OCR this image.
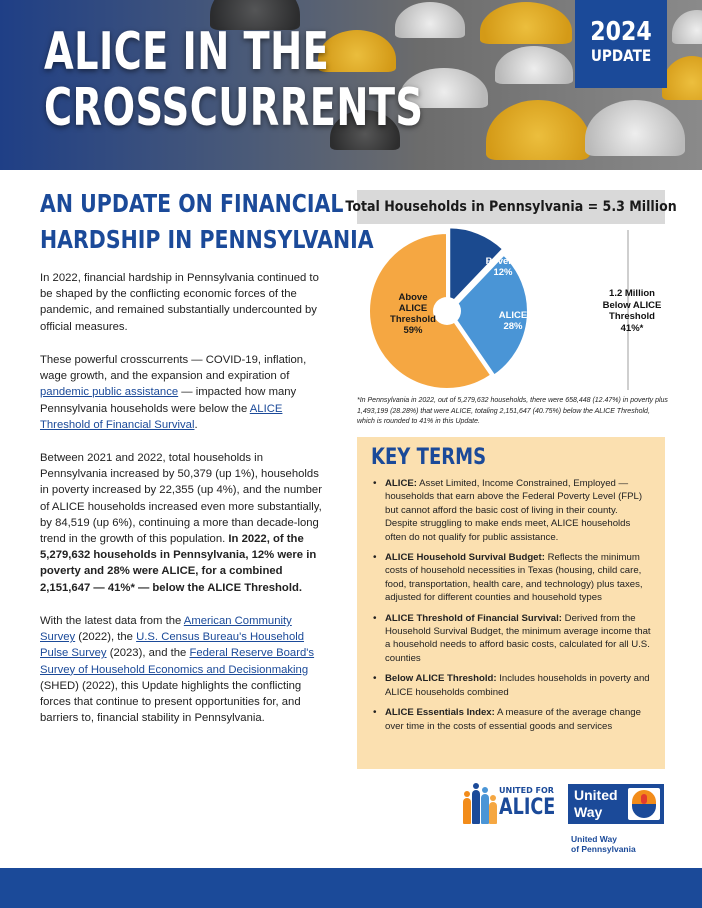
ALICE IN THE
CROSSCURRENTS
2024
UPDATE
AN UPDATE ON FINANCIAL
HARDSHIP IN PENNSYLVANIA

In 2022, financial hardship in Pennsylvania continued to be shaped by the conflicting economic forces of the pandemic, and remained substantially undercounted by official measures.

These powerful crosscurrents — COVID-19, inflation, wage growth, and the expansion and expiration of pandemic public assistance — impacted how many Pennsylvania households were below the ALICE Threshold of Financial Survival.

Between 2021 and 2022, total households in Pennsylvania increased by 50,379 (up 1%), households in poverty increased by 22,355 (up 4%), and the number of ALICE households increased even more substantially, by 84,519 (up 6%), continuing a more than decade-long trend in the growth of this population. In 2022, of the 5,279,632 households in Pennsylvania, 12% were in poverty and 28% were ALICE, for a combined 2,151,647 — 41%* — below the ALICE Threshold.

With the latest data from the American Community Survey (2022), the U.S. Census Bureau's Household Pulse Survey (2023), and the Federal Reserve Board's Survey of Household Economics and Decisionmaking (SHED) (2022), this Update highlights the conflicting forces that continue to present opportunities for, and barriers to, financial stability in Pennsylvania.

Total Households in Pennsylvania = 5.3 Million
Poverty
12%
ALICE
28%
Above
ALICE
Threshold
59%
1.2 Million
Below ALICE
Threshold
41%*

*In Pennsylvania in 2022, out of 5,279,632 households, there were 658,448 (12.47%) in poverty plus 1,493,199 (28.28%) that were ALICE, totaling 2,151,647 (40.75%) below the ALICE Threshold, which is rounded to 41% in this Update.

KEY TERMS
• ALICE: Asset Limited, Income Constrained, Employed — households that earn above the Federal Poverty Level (FPL) but cannot afford the basic cost of living in their county. Despite struggling to make ends meet, ALICE households often do not qualify for public assistance.
• ALICE Household Survival Budget: Reflects the minimum costs of household necessities in Texas (housing, child care, food, transportation, health care, and technology) plus taxes, adjusted for different counties and household types
• ALICE Threshold of Financial Survival: Derived from the Household Survival Budget, the minimum average income that a household needs to afford basic costs, calculated for all U.S. counties
• Below ALICE Threshold: Includes households in poverty and ALICE households combined
• ALICE Essentials Index: A measure of the average change over time in the costs of essential goods and services
UNITED FOR
ALICE United
Way
United Way
of Pennsylvania
